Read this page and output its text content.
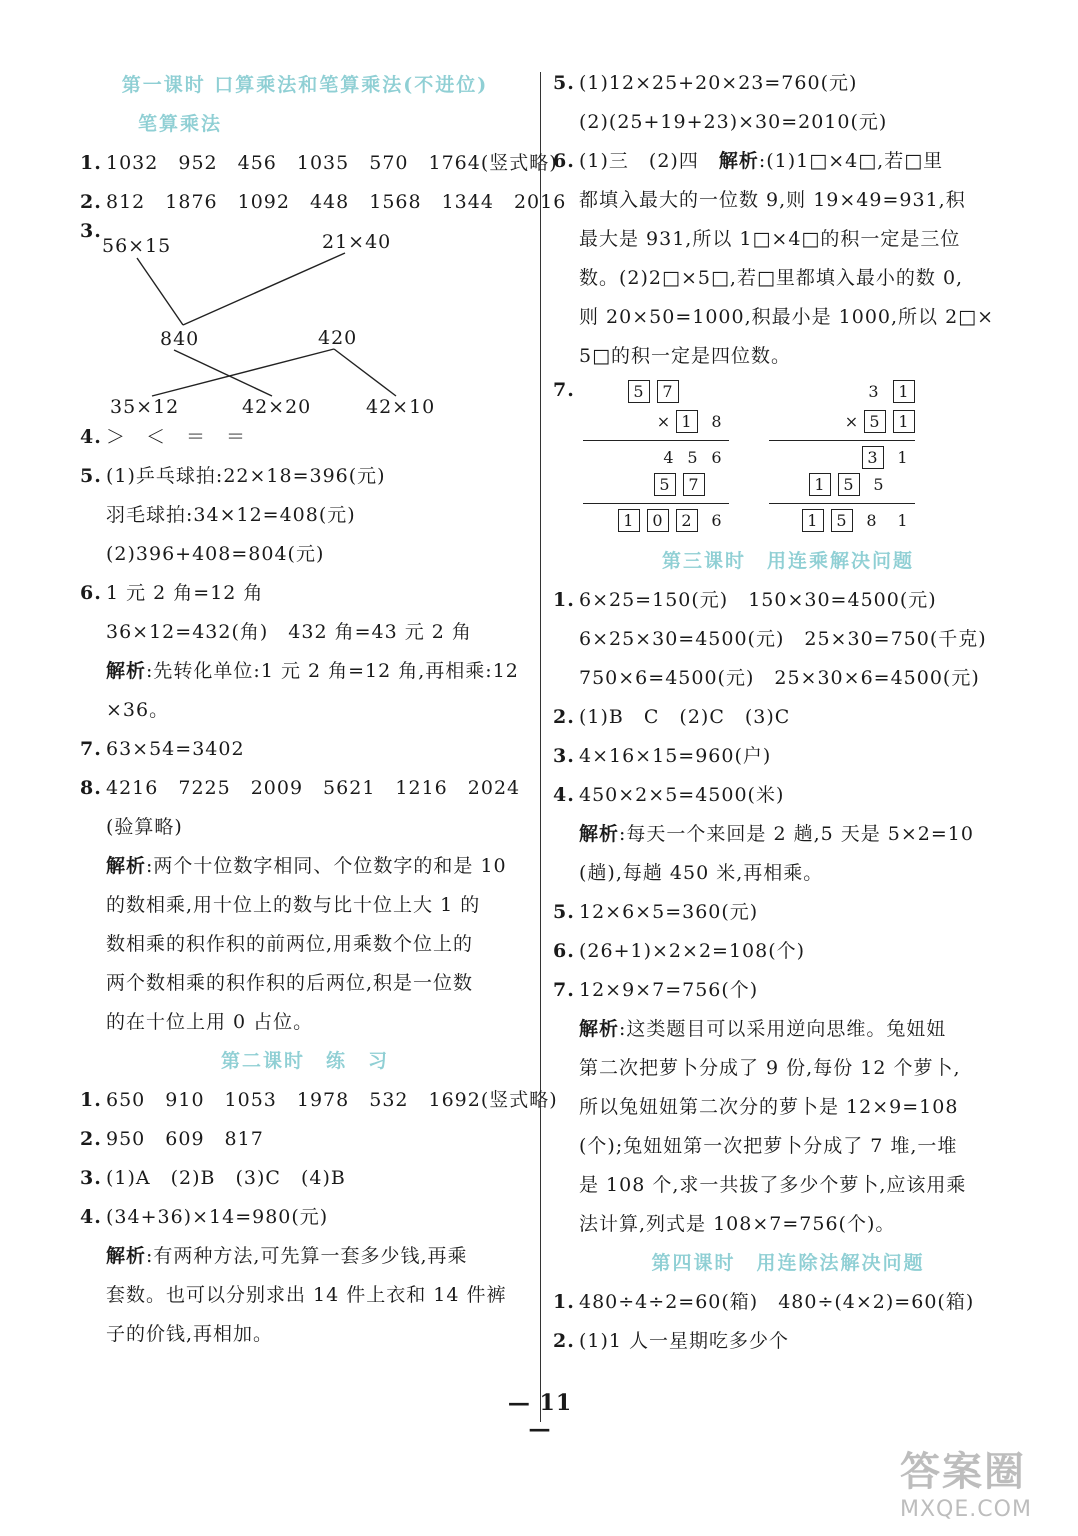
第一课时 口算乘法和笔算乘法(不进位)
笔算乘法
1. 1032　952　456　1035　570　1764(竖式略)
2. 812　1876　1092　448　1568　1344　2016
3.
56×15	21×40
840	420
35×12	42×20	42×10
4. ＞　＜　＝　＝
5. (1)乒乓球拍:22×18=396(元)
羽毛球拍:34×12=408(元)
(2)396+408=804(元)
6. 1 元 2 角=12 角
36×12=432(角)　432 角=43 元 2 角
解析:先转化单位:1 元 2 角=12 角,再相乘:12
×36。
7. 63×54=3402
8. 4216　7225　2009　5621　1216　2024
(验算略)
解析:两个十位数字相同、个位数字的和是 10
的数相乘,用十位上的数与比十位上大 1 的
数相乘的积作积的前两位,用乘数个位上的
两个数相乘的积作积的后两位,积是一位数
的在十位上用 0 占位。
第二课时　练　习
1. 650　910　1053　1978　532　1692(竖式略)
2. 950　609　817
3. (1)A　(2)B　(3)C　(4)B
4. (34+36)×14=980(元)
解析:有两种方法,可先算一套多少钱,再乘
套数。也可以分别求出 14 件上衣和 14 件裤
子的价钱,再相加。
5. (1)12×25+20×23=760(元)
(2)(25+19+23)×30=2010(元)
6. (1)三　(2)四　解析:(1)1□×4□,若□里
都填入最大的一位数 9,则 19×49=931,积
最大是 931,所以 1□×4□的积一定是三位
数。(2)2□×5□,若□里都填入最小的数 0,
则 20×50=1000,积最小是 1000,所以 2□×
5□的积一定是四位数。
7.	5 7
× 1 8
4 5 6
5 7
1 0 2 6
3 1
× 5 1
3 1
1 5 5
1 5 8 1
第三课时　用连乘解决问题
1. 6×25=150(元)　150×30=4500(元)
6×25×30=4500(元)　25×30=750(千克)
750×6=4500(元)　25×30×6=4500(元)
2. (1)B　C　(2)C　(3)C
3. 4×16×15=960(户)
4. 450×2×5=4500(米)
解析:每天一个来回是 2 趟,5 天是 5×2=10
(趟),每趟 450 米,再相乘。
5. 12×6×5=360(元)
6. (26+1)×2×2=108(个)
7. 12×9×7=756(个)
解析:这类题目可以采用逆向思维。兔妞妞
第二次把萝卜分成了 9 份,每份 12 个萝卜,
所以兔妞妞第二次分的萝卜是 12×9=108
(个);兔妞妞第一次把萝卜分成了 7 堆,一堆
是 108 个,求一共拔了多少个萝卜,应该用乘
法计算,列式是 108×7=756(个)。
第四课时　用连除法解决问题
1. 480÷4÷2=60(箱)　480÷(4×2)=60(箱)
2. (1)1 人一星期吃多少个
— 11 —
答案圈
MXQE.COM
